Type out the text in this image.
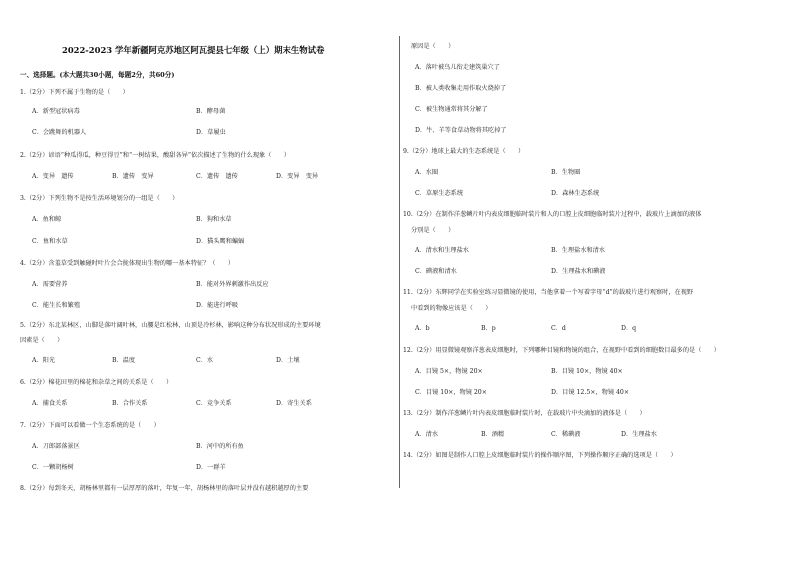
2022-2023 学年新疆阿克苏地区阿瓦提县七年级（上）期末生物试卷
一、选择题。(本大题共30小题，每题2分，共60分)
1.（2分）下列不属于生物的是（　　）
A．新型冠状病毒	B．酵母菌
C．会跳舞的机器人	D．草履虫
2.（2分）谚语“种瓜得瓜，种豆得豆”和“一树结果，酸甜各异”依次描述了生物的什么现象（　　）
A．变异　遗传	B．遗传　变异	C．遗传　遗传	D．变异　变异
3.（2分）下列生物不是按生活环境划分的一组是（　　）
A．鱼和鲸	B．狗和水草
C．鱼和水草	D．猫头鹰和蝙蝠
4.（2分）含羞草受到触碰时叶片会合拢体现出生物的哪一基本特征？（　　）
A．需要营养	B．能对外界刺激作出反应
C．能生长和繁殖	D．能进行呼吸
5.（2分）东北某林区，山脚是落叶阔叶林，山腰是红松林，山顶是冷杉林，影响这种分布状况形成的主要环境
因素是（　　）
A．阳光	B．温度	C．水	D．土壤
6.（2分）棉花田里的棉花和杂草之间的关系是（　　）
A．捕食关系	B．合作关系	C．竞争关系	D．寄生关系
7.（2分）下面可以看做一个生态系统的是（　　）
A．刀郎部落景区	B．河中的所有鱼
C．一颗胡杨树	D．一群羊
8.（2分）每到冬天，胡杨林里都有一层厚厚的落叶，年复一年，胡杨林里的落叶层并没有越积越厚的主要
原因是（　　）
A．落叶被鸟儿衔走建筑巢穴了
B．被人类收集走用作取火烧掉了
C．被生物通常将其分解了
D．牛、羊等食草动物将其吃掉了
9.（2分）地球上最大的生态系统是（　　）
A．水圈	B．生物圈
C．草原生态系统	D．森林生态系统
10.（2分）在制作洋葱鳞片叶内表皮细胞临时装片和人的口腔上皮细胞临时装片过程中，载玻片上滴加的液体
分别是（　　）
A．清水和生理盐水	B．生理盐水和清水
C．碘液和清水	D．生理盐水和碘液
11.（2分）东辉同学在实验室练习显微镜的使用，当他拿着一个写着字母“d”的载玻片进行观察时，在视野
中看到的物像应该是（　　）
A．b	B．p	C．d	D．q
12.（2分）用显微镜观察洋葱表皮细胞时，下列哪种目镜和物镜的组合，在视野中看到的细胞数目最多的是（　　）
A．目镜 5×，物镜 20×	B．目镜 10×，物镜 40×
C．目镜 10×，物镜 20×	D．目镜 12.5×，物镜 40×
13.（2分）制作洋葱鳞片叶内表皮细胞临时装片时，在载玻片中央滴加的液体是（　　）
A．清水	B．酒精	C．稀碘液	D．生理盐水
14.（2分）如图是制作人口腔上皮细胞临时装片的操作顺序图，下列操作顺序正确的选项是（　　）
